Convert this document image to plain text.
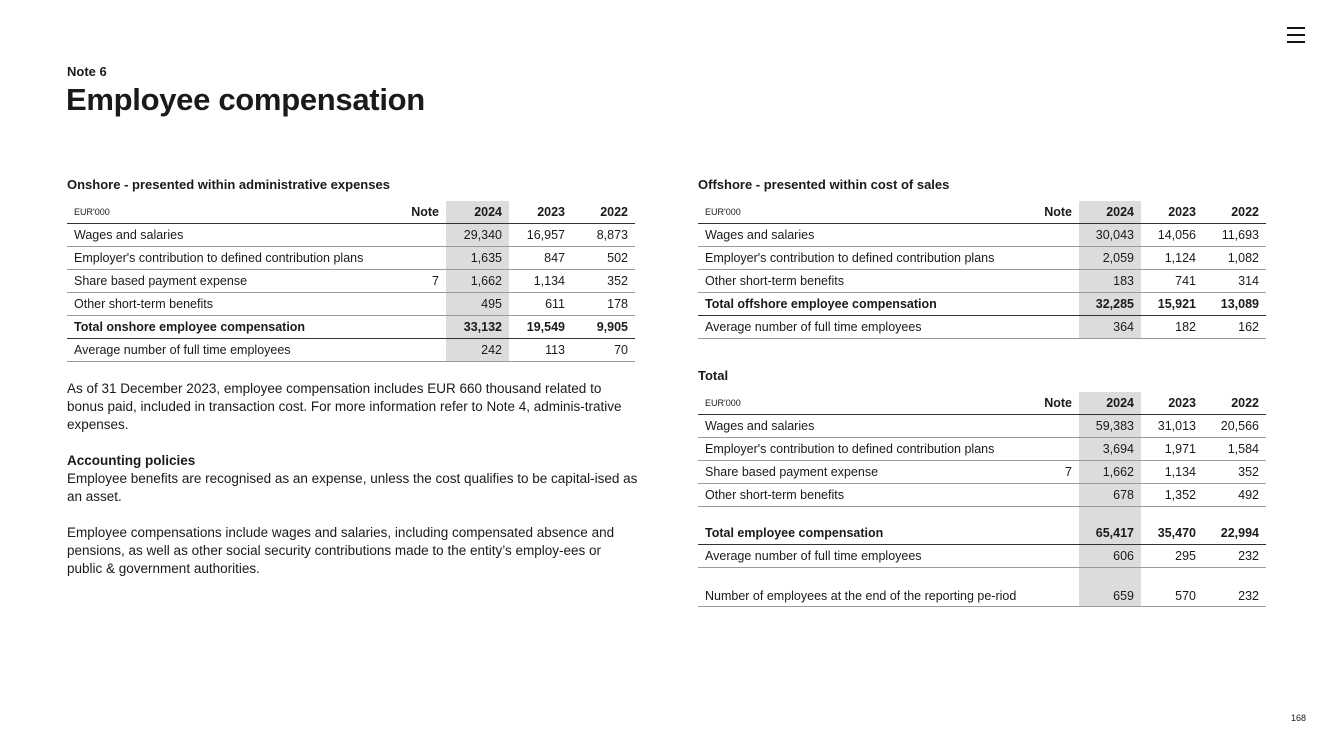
Note 6

Employee compensation
Onshore - presented within administrative expenses
EUR'000	Note	2024	2023	2022
Wages and salaries		29,340	16,957	8,873
Employer's contribution to defined contribution plans		1,635	847	502
Share based payment expense	7	1,662	1,134	352
Other short-term benefits		495	611	178
Total onshore employee compensation		33,132	19,549	9,905
Average number of full time employees		242	113	70
Offshore - presented within cost of sales
EUR'000	Note	2024	2023	2022
Wages and salaries		30,043	14,056	11,693
Employer's contribution to defined contribution plans		2,059	1,124	1,082
Other short-term benefits		183	741	314
Total offshore employee compensation		32,285	15,921	13,089
Average number of full time employees		364	182	162
Total
EUR'000	Note	2024	2023	2022
Wages and salaries		59,383	31,013	20,566
Employer's contribution to defined contribution plans		3,694	1,971	1,584
Share based payment expense	7	1,662	1,134	352
Other short-term benefits		678	1,352	492

Total employee compensation		65,417	35,470	22,994
Average number of full time employees		606	295	232
Number of employees at the end of the reporting pe-riod		659	570	232

As of 31 December 2023, employee compensation includes EUR 660 thousand related to bonus paid, included in transaction cost. For more information refer to Note 4, adminis-trative expenses.

Accounting policies

Employee benefits are recognised as an expense, unless the cost qualifies to be capital-ised as an asset.

Employee compensations include wages and salaries, including compensated absence and pensions, as well as other social security contributions made to the entity’s employ-ees or public & government authorities.

168
